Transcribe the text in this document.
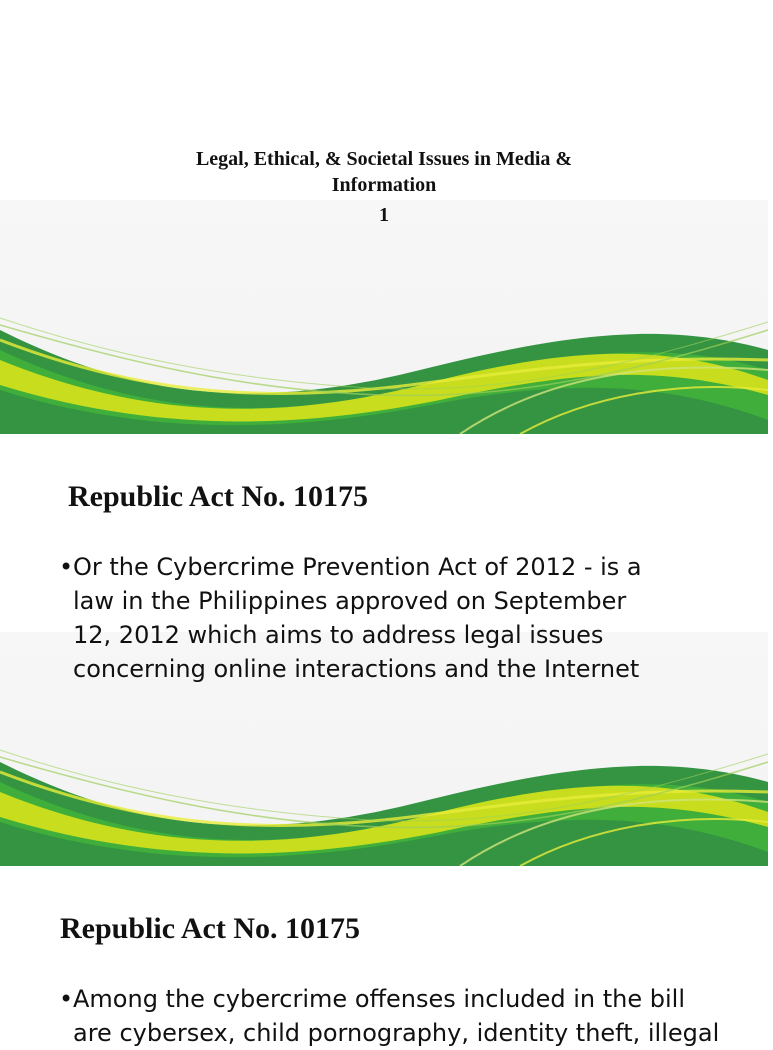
Legal, Ethical, & Societal Issues in Media &
Information
1
Republic Act No. 10175
• Or the Cybercrime Prevention Act of 2012 - is a
law in the Philippines approved on September
12, 2012 which aims to address legal issues
concerning online interactions and the Internet
Republic Act No. 10175
• Among the cybercrime offenses included in the bill
are cybersex, child pornography, identity theft, illegal
